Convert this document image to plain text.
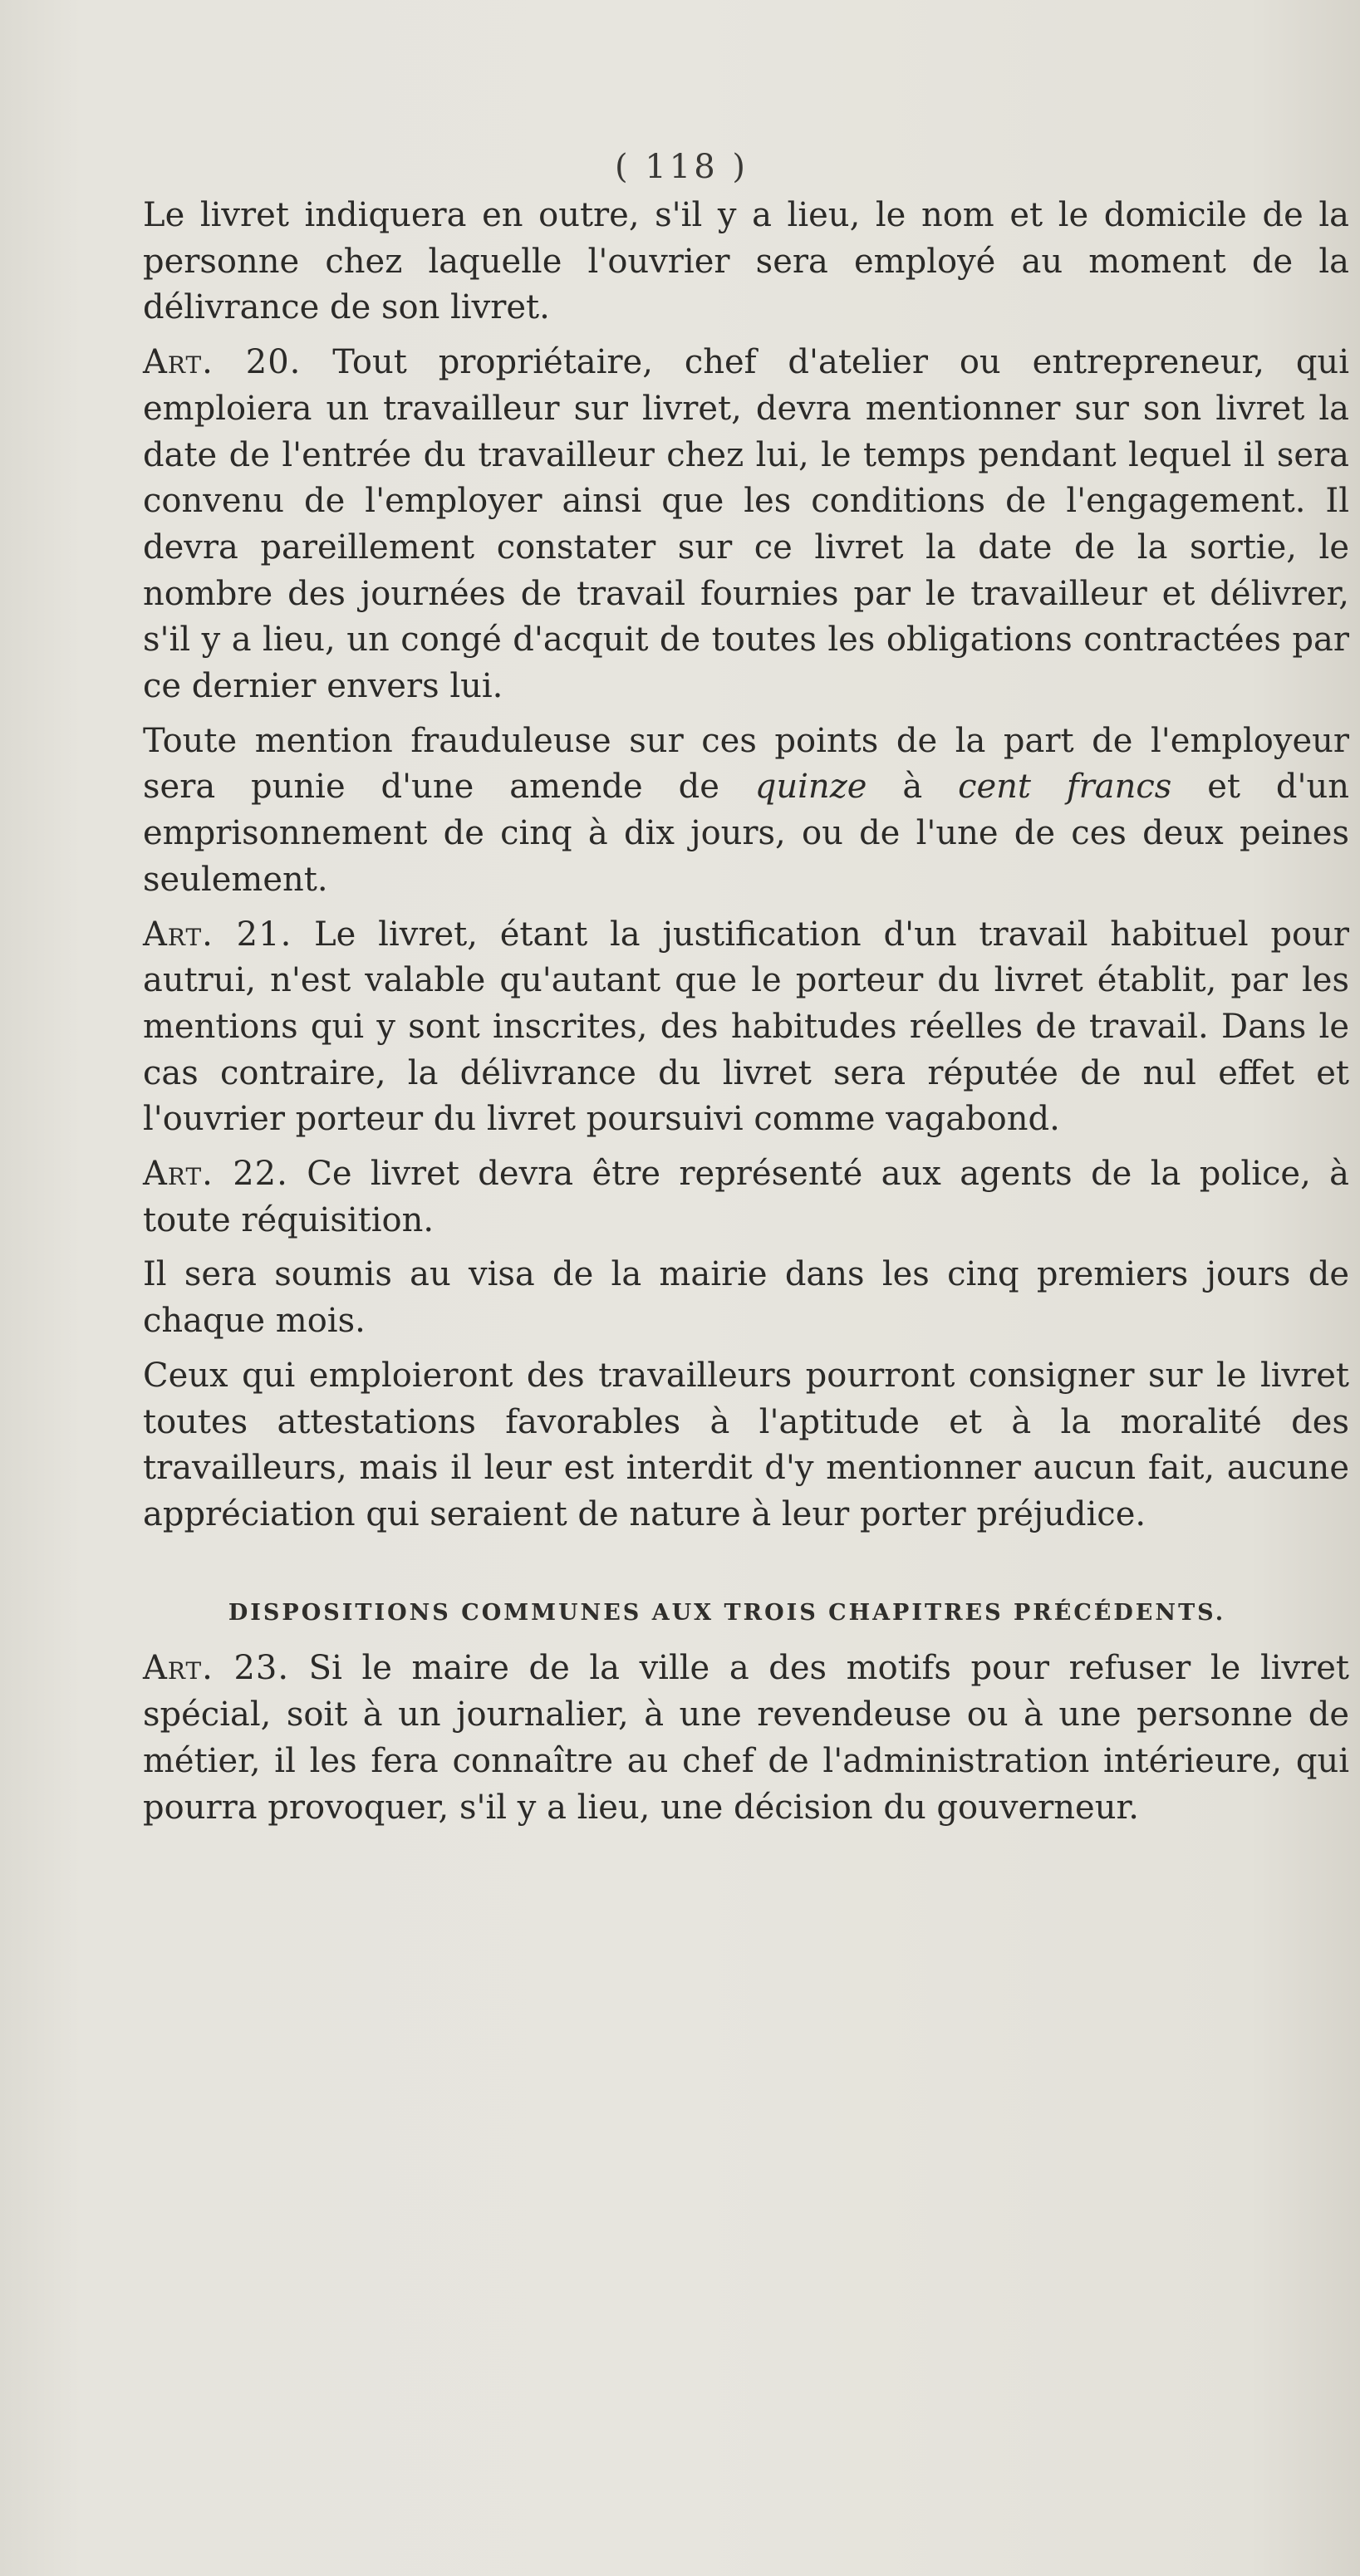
( 118 )

Le livret indiquera en outre, s'il y a lieu, le nom et le domicile de la personne chez laquelle l'ouvrier sera employé au moment de la délivrance de son livret.

Art. 20. Tout propriétaire, chef d'atelier ou entrepreneur, qui emploiera un travailleur sur livret, devra mentionner sur son livret la date de l'entrée du travailleur chez lui, le temps pendant lequel il sera convenu de l'employer ainsi que les conditions de l'engagement. Il devra pareillement constater sur ce livret la date de la sortie, le nombre des journées de travail fournies par le travailleur et délivrer, s'il y a lieu, un congé d'acquit de toutes les obligations contractées par ce dernier envers lui.

Toute mention frauduleuse sur ces points de la part de l'employeur sera punie d'une amende de quinze à cent francs et d'un emprisonnement de cinq à dix jours, ou de l'une de ces deux peines seulement.

Art. 21. Le livret, étant la justification d'un travail habituel pour autrui, n'est valable qu'autant que le porteur du livret établit, par les mentions qui y sont inscrites, des habitudes réelles de travail. Dans le cas contraire, la délivrance du livret sera réputée de nul effet et l'ouvrier porteur du livret poursuivi comme vagabond.

Art. 22. Ce livret devra être représenté aux agents de la police, à toute réquisition.

Il sera soumis au visa de la mairie dans les cinq premiers jours de chaque mois.

Ceux qui emploieront des travailleurs pourront consigner sur le livret toutes attestations favorables à l'aptitude et à la moralité des travailleurs, mais il leur est interdit d'y mentionner aucun fait, aucune appréciation qui seraient de nature à leur porter préjudice.

DISPOSITIONS COMMUNES AUX TROIS CHAPITRES PRÉCÉDENTS.

Art. 23. Si le maire de la ville a des motifs pour refuser le livret spécial, soit à un journalier, à une revendeuse ou à une personne de métier, il les fera connaître au chef de l'administration intérieure, qui pourra provoquer, s'il y a lieu, une décision du gouverneur.
